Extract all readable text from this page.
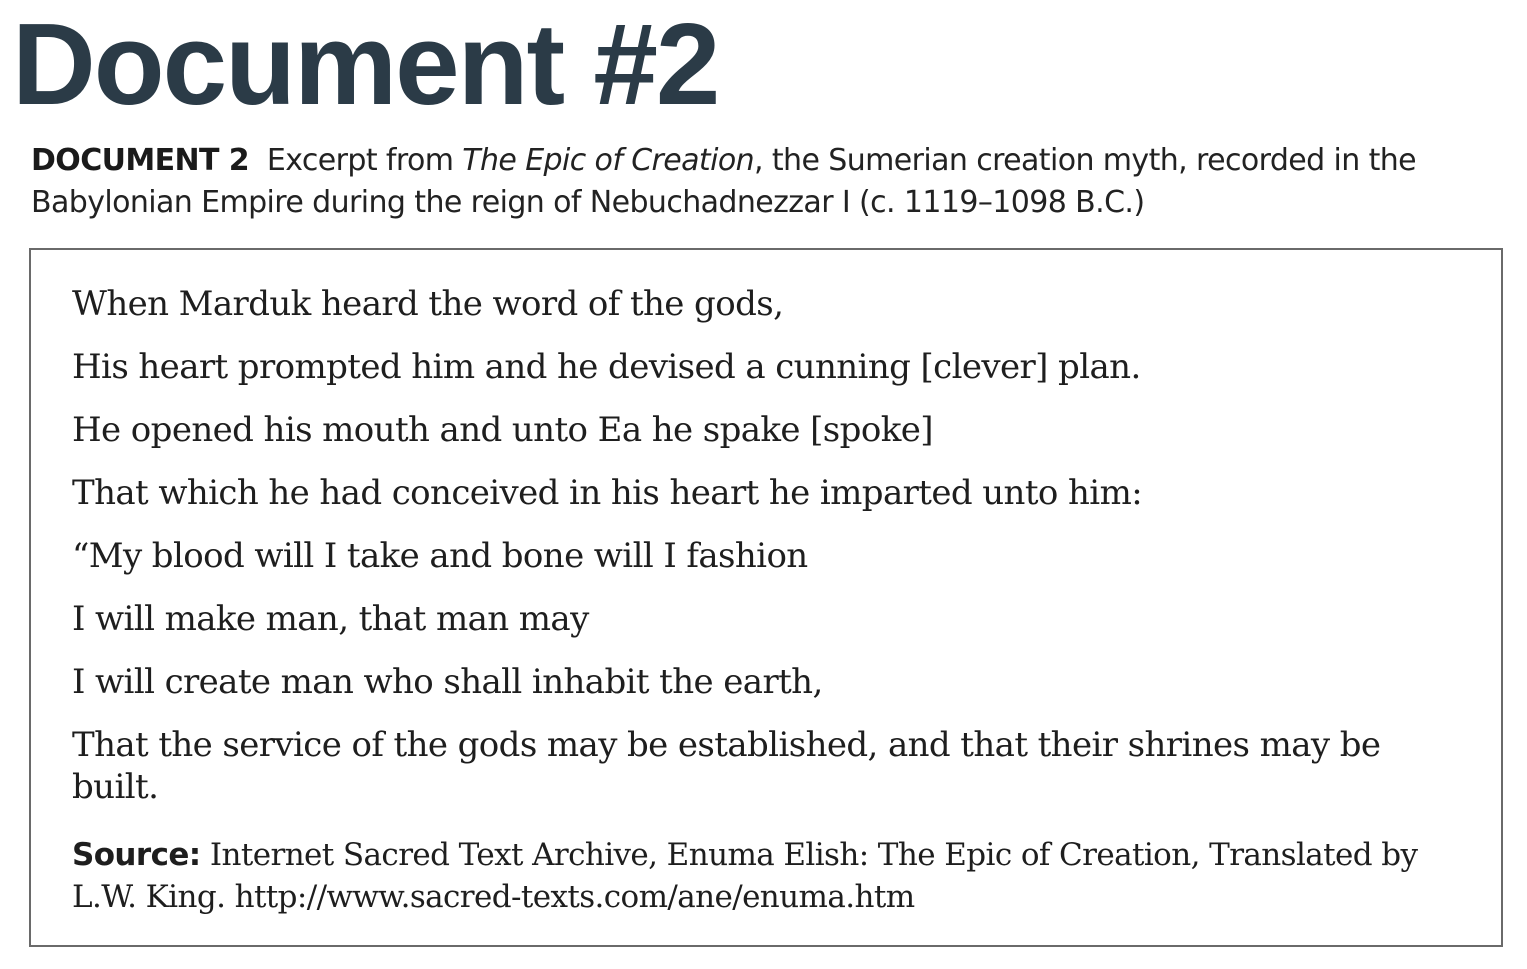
Document #2

DOCUMENT 2 Excerpt from The Epic of Creation, the Sumerian creation myth, recorded in the Babylonian Empire during the reign of Nebuchadnezzar I (c. 1119–1098 B.C.)

When Marduk heard the word of the gods,
His heart prompted him and he devised a cunning [clever] plan.
He opened his mouth and unto Ea he spake [spoke]
That which he had conceived in his heart he imparted unto him:
“My blood will I take and bone will I fashion
I will make man, that man may
I will create man who shall inhabit the earth,
That the service of the gods may be established, and that their shrines may be built.

Source: Internet Sacred Text Archive, Enuma Elish: The Epic of Creation, Translated by L.W. King. http://www.sacred-texts.com/ane/enuma.htm
